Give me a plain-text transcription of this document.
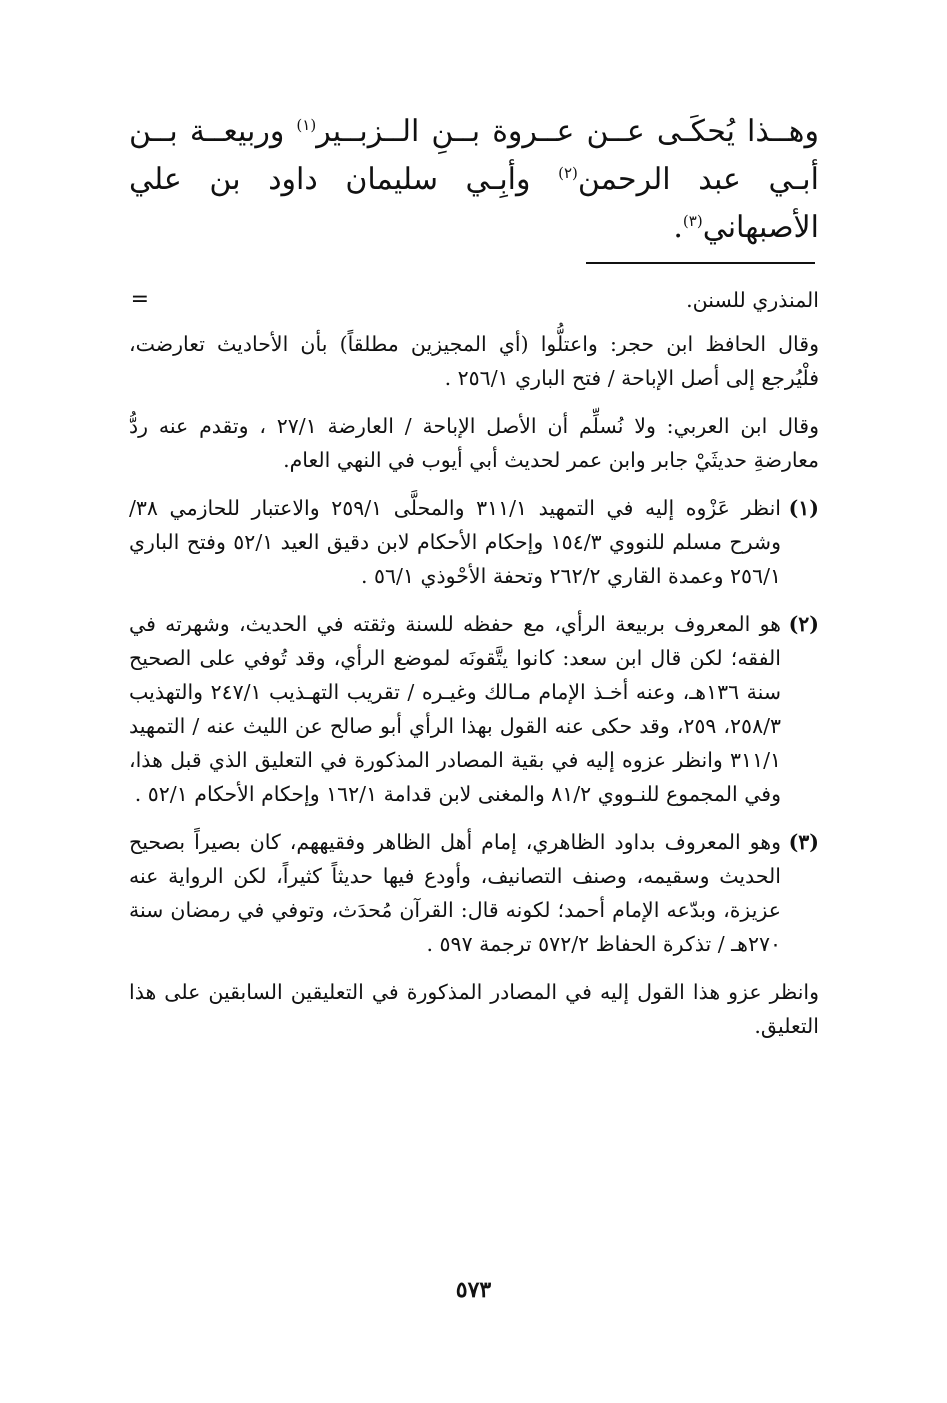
وهــذا يُحكَـى عــن عــروة بــنِ الــزبــير$^{(١)}$ وربيعــة بــن أبـي عبد الرحمن$^{(٢)}$ وأبِـي سليمان داود بن علي الأصبهاني$^{(٣)}$.

=	المنذري للسنن.

وقال الحافظ ابن حجر: واعتلُّوا (أي المجيزين مطلقاً) بأن الأحاديث تعارضت، فلْيُرجع إلى أصل الإباحة / فتح الباري ٢٥٦/١ .

وقال ابن العربي: ولا نُسلِّم أن الأصل الإباحة / العارضة ٢٧/١ ، وتقدم عنه ردُّ معارضةِ حديثَيْ جابر وابن عمر لحديث أبي أيوب في النهي العام.

(١)

انظر عَزْوه إليه في التمهيد ٣١١/١ والمحلَّى ٢٥٩/١ والاعتبار للحازمي ٣٨/ وشرح مسلم للنووي ١٥٤/٣ وإحكام الأحكام لابن دقيق العيد ٥٢/١ وفتح الباري ٢٥٦/١ وعمدة القاري ٢٦٢/٢ وتحفة الأحْوذي ٥٦/١ .

(٢)

هو المعروف بربيعة الرأي، مع حفظه للسنة وثقته في الحديث، وشهرته في الفقه؛ لكن قال ابن سعد: كانوا يتَّقونَه لموضع الرأي، وقد تُوفي على الصحيح سنة ١٣٦هـ، وعنه أخـذ الإمام مـالك وغيـره / تقريب التهـذيب ٢٤٧/١ والتهذيب ٢٥٨/٣، ٢٥٩، وقد حكى عنه القول بهذا الرأي أبو صالح عن الليث عنه / التمهيد ٣١١/١ وانظر عزوه إليه في بقية المصادر المذكورة في التعليق الذي قبل هذا، وفي المجموع للنـووي ٨١/٢ والمغنى لابن قدامة ١٦٢/١ وإحكام الأحكام ٥٢/١ .

(٣)

وهو المعروف بداود الظاهري، إمام أهل الظاهر وفقيههم، كان بصيراً بصحيح الحديث وسقيمه، وصنف التصانيف، وأودع فيها حديثاً كثيراً، لكن الرواية عنه عزيزة، وبدّعه الإمام أحمد؛ لكونه قال: القرآن مُحدَث، وتوفي في رمضان سنة ٢٧٠هـ / تذكرة الحفاظ ٥٧٢/٢ ترجمة ٥٩٧ .

وانظر عزو هذا القول إليه في المصادر المذكورة في التعليقين السابقين على هذا التعليق.

٥٧٣
